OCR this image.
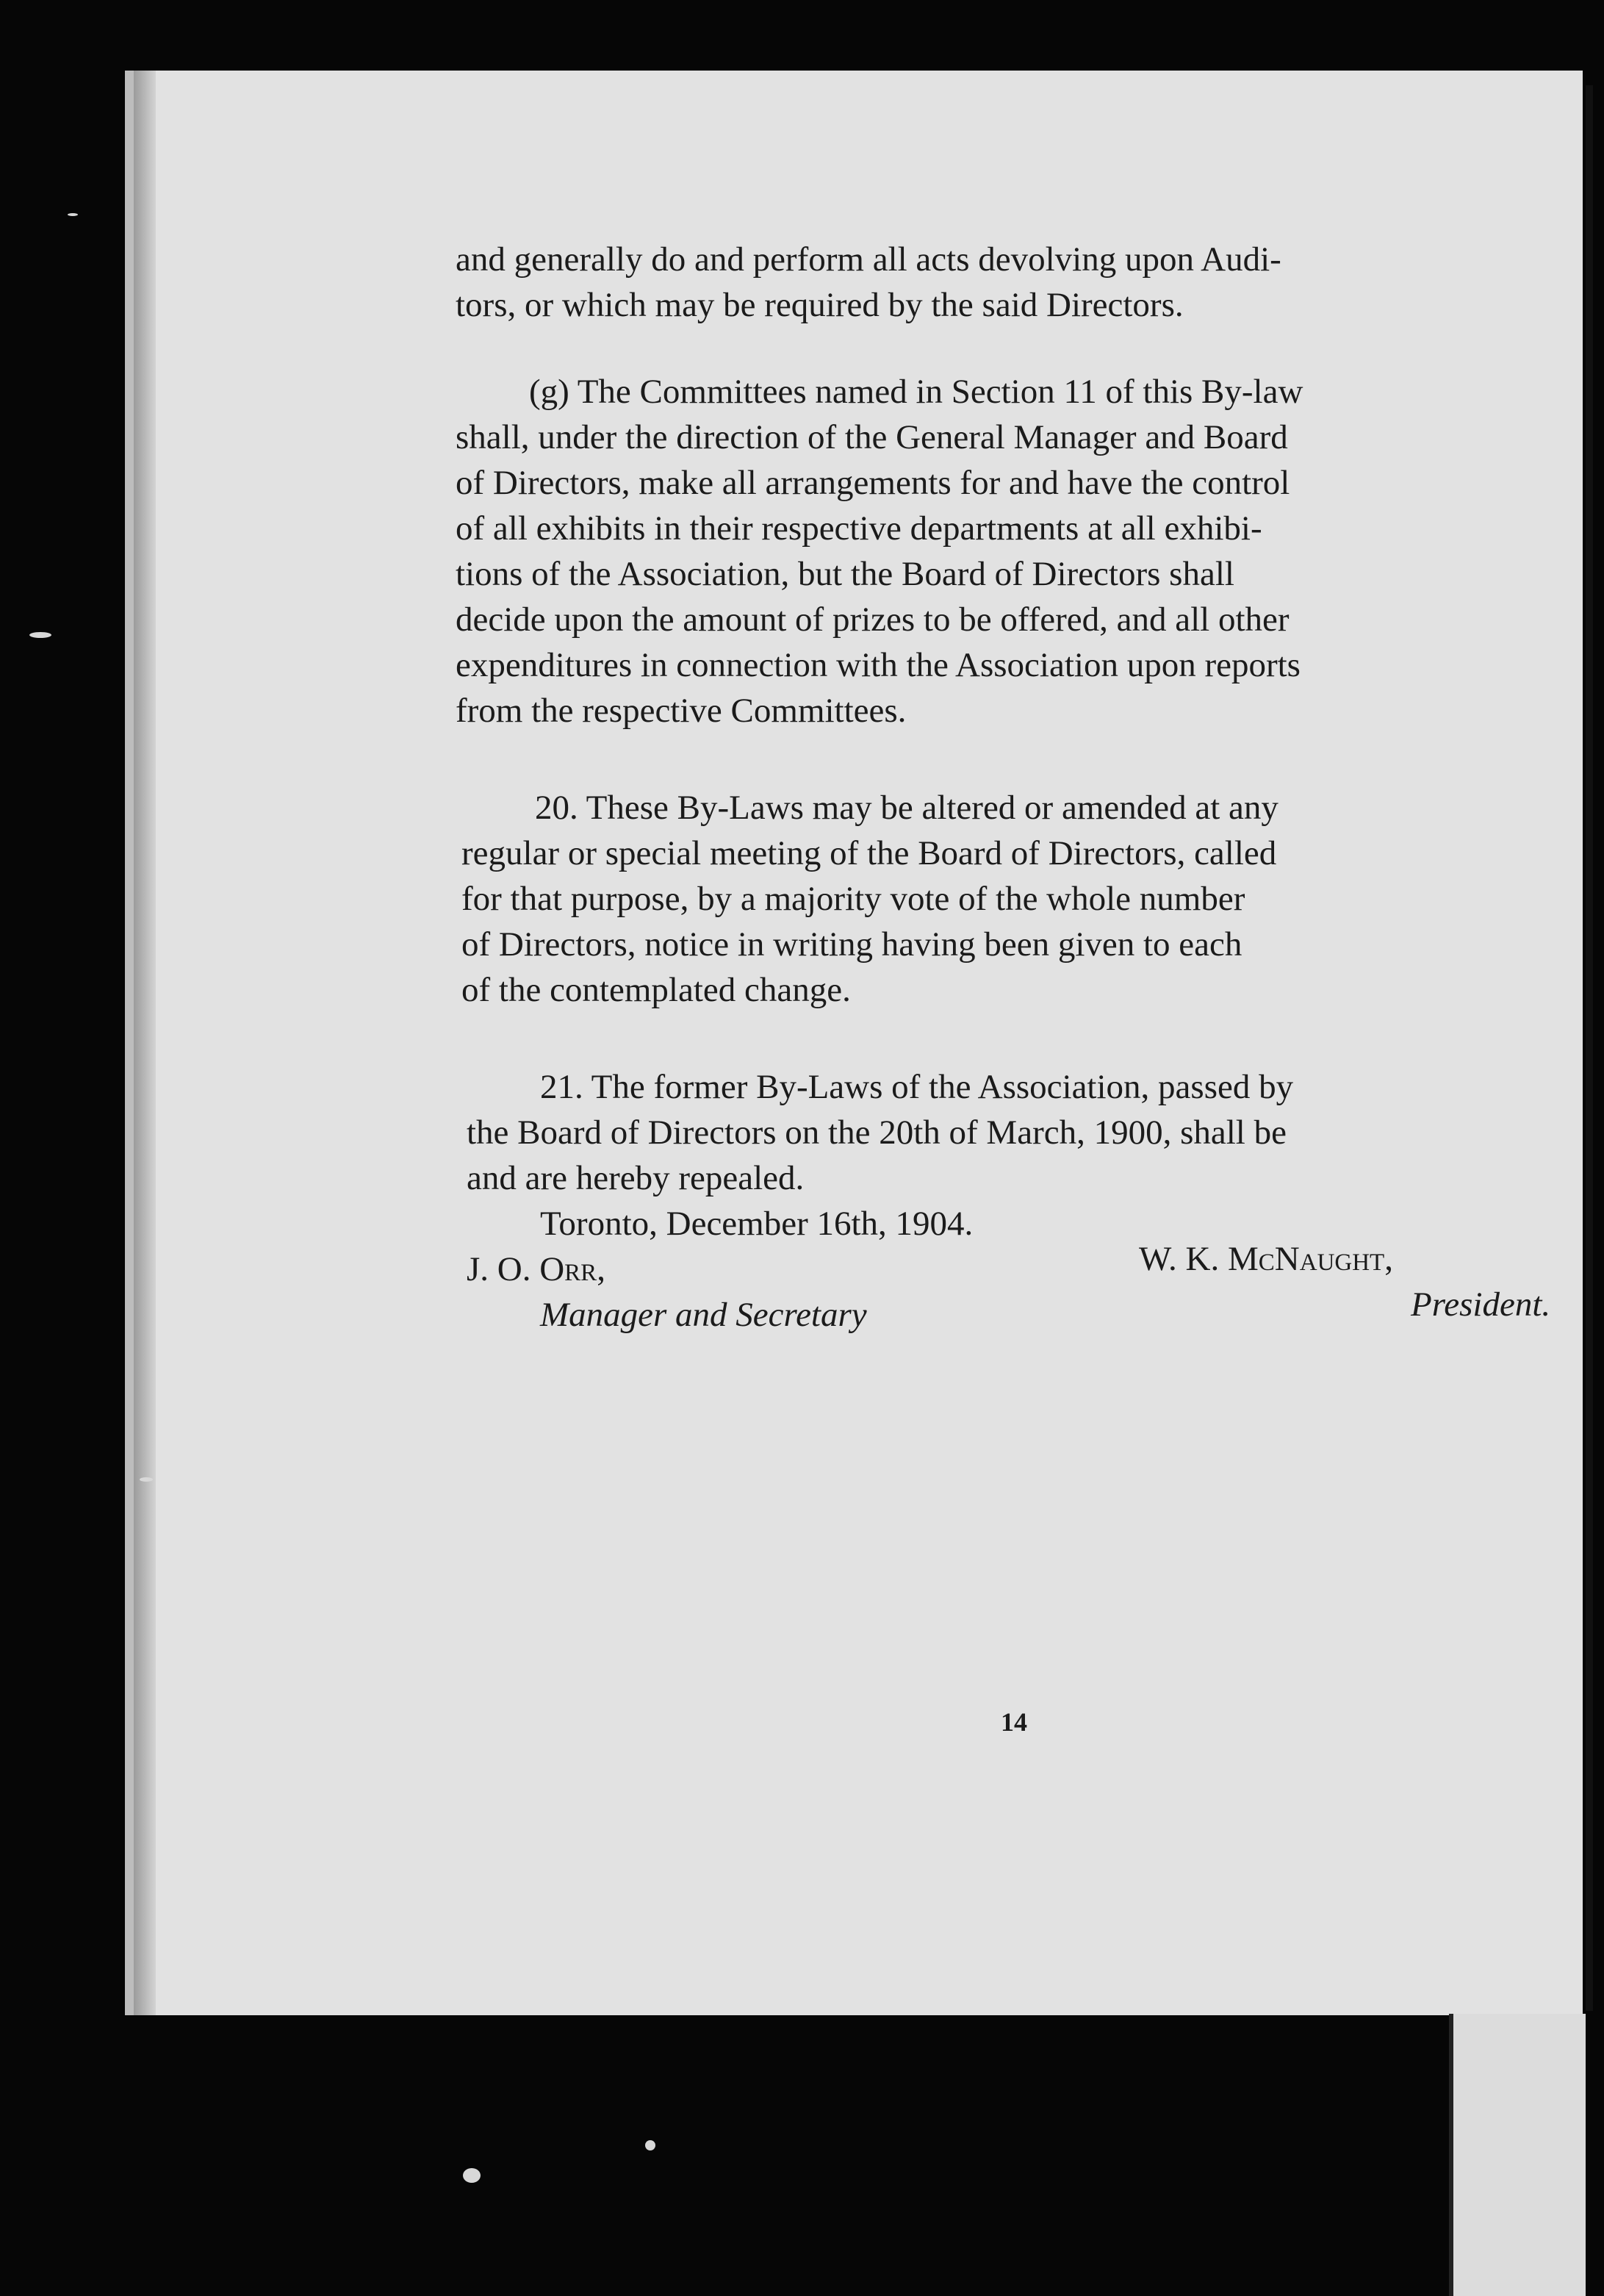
and generally do and perform all acts devolving upon Audi-
tors, or which may be required by the said Directors.
(g) The Committees named in Section 11 of this By-law
shall, under the direction of the General Manager and Board
of Directors, make all arrangements for and have the control
of all exhibits in their respective departments at all exhibi-
tions of the Association, but the Board of Directors shall
decide upon the amount of prizes to be offered, and all other
expenditures in connection with the Association upon reports
from the respective Committees.
20. These By-Laws may be altered or amended at any
regular or special meeting of the Board of Directors, called
for that purpose, by a majority vote of the whole number
of Directors, notice in writing having been given to each
of the contemplated change.
21. The former By-Laws of the Association, passed by
the Board of Directors on the 20th of March, 1900, shall be
and are hereby repealed.
Toronto, December 16th, 1904.
J. O. Orr,	W. K. McNaught,
Manager and Secretary	President.
14
